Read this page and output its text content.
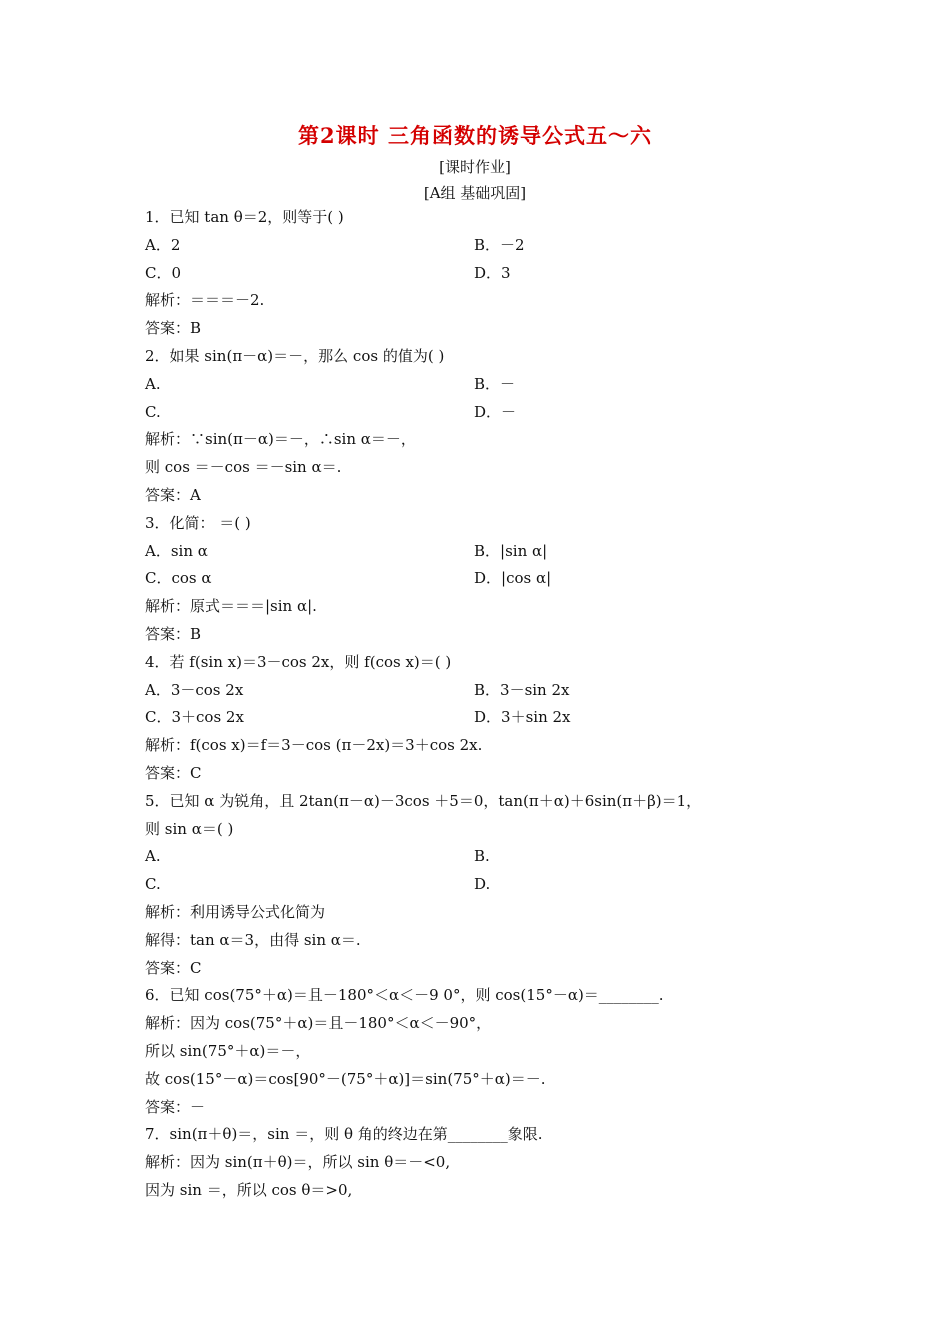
第2课时 三角函数的诱导公式五～六
[课时作业]
[A组 基础巩固]
1．已知 tan θ＝2，则等于( )
A．2	B．－2
C．0	D．3
解析：＝＝＝－2.
答案：B
2．如果 sin(π－α)＝－，那么 cos 的值为( )
A.	B．－
C.	D．－
解析：∵sin(π－α)＝－，∴sin α＝－，
则 cos ＝－cos ＝－sin α＝.
答案：A
3．化简： ＝( )
A．sin α	B．|sin α|
C．cos α	D．|cos α|
解析：原式＝＝＝|sin α|.
答案：B
4．若 f(sin x)＝3－cos 2x，则 f(cos x)＝( )
A．3－cos 2x	B．3－sin 2x
C．3＋cos 2x	D．3＋sin 2x
解析：f(cos x)＝f＝3－cos (π－2x)＝3＋cos 2x.
答案：C
5．已知 α 为锐角，且 2tan(π－α)－3cos ＋5＝0，tan(π＋α)＋6sin(π＋β)＝1，
则 sin α＝( )
A.	B.
C.	D.
解析：利用诱导公式化简为
解得：tan α＝3，由得 sin α＝.
答案：C
6．已知 cos(75°＋α)＝且－180°＜α＜－9 0°，则 cos(15°－α)＝________.
解析：因为 cos(75°＋α)＝且－180°＜α＜－90°，
所以 sin(75°＋α)＝－，
故 cos(15°－α)＝cos[90°－(75°＋α)]＝sin(75°＋α)＝－.
答案：－
7．sin(π＋θ)＝，sin ＝，则 θ 角的终边在第________象限.
解析：因为 sin(π＋θ)＝，所以 sin θ＝－<0,
因为 sin ＝，所以 cos θ＝>0,
